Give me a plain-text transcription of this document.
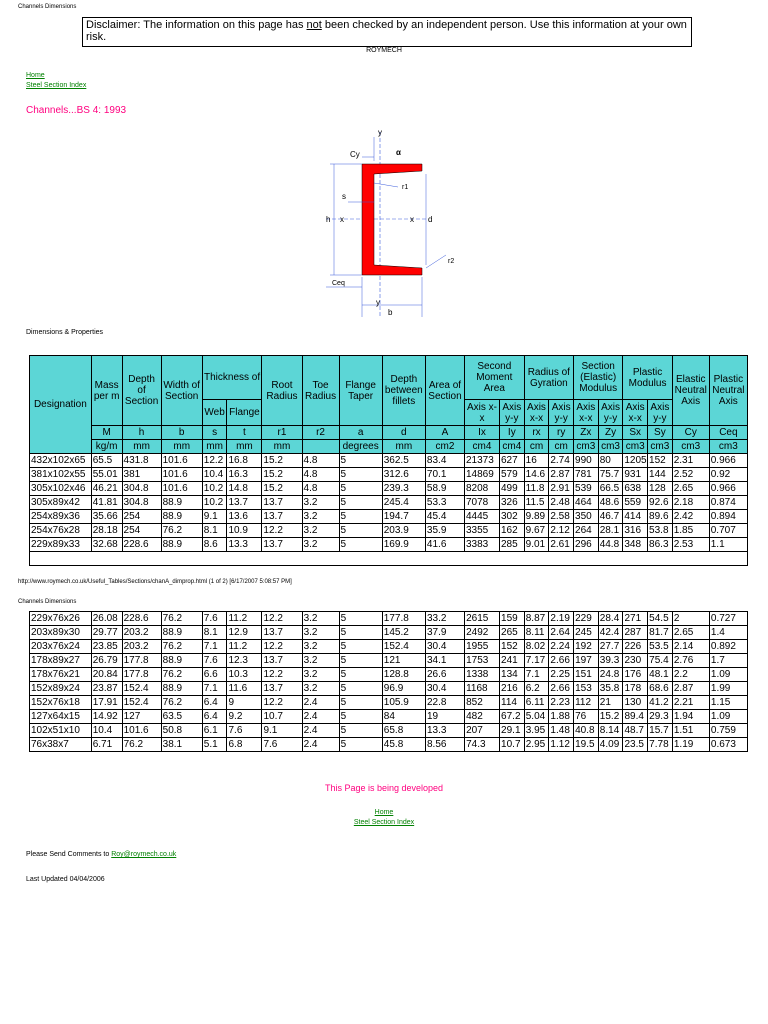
Channels Dimensions
Disclaimer: The information on this page has not been checked by an independent person. Use this information at your own risk.
ROYMECH
Home
Steel Section Index
Channels...BS 4: 1993
y
Cy	α
r1
s
x	x
h	d
r2
Ceq
y
b
Dimensions & Properties
Designation	Mass per m	Depth of Section	Width of Section	Thickness of		Root Radius	Toe Radius	Flange Taper	Depth between fillets	Area of Section	Second Moment Area		Radius of Gyration		Section (Elastic) Modulus		Plastic Modulus		Elastic Neutral Axis	Plastic Neutral Axis
				Web	Flange						Axis x-x	Axis y-y	Axis x-x	Axis y-y	Axis x-x	Axis y-y	Axis x-x	Axis y-y		
	M	h	b	s	t	r1	r2	a	d	A	Ix	Iy	rx	ry	Zx	Zy	Sx	Sy	Cy	Ceq
	kg/m	mm	mm	mm	mm	mm		degrees	mm	cm2	cm4	cm4	cm	cm	cm3	cm3	cm3	cm3	cm3	cm3
432x102x65	65.5	431.8	101.6	12.2	16.8	15.2	4.8	5	362.5	83.4	21373	627	16	2.74	990	80	1205	152	2.31	0.966
381x102x55	55.01	381	101.6	10.4	16.3	15.2	4.8	5	312.6	70.1	14869	579	14.6	2.87	781	75.7	931	144	2.52	0.92
305x102x46	46.21	304.8	101.6	10.2	14.8	15.2	4.8	5	239.3	58.9	8208	499	11.8	2.91	539	66.5	638	128	2.65	0.966
305x89x42	41.81	304.8	88.9	10.2	13.7	13.7	3.2	5	245.4	53.3	7078	326	11.5	2.48	464	48.6	559	92.6	2.18	0.874
254x89x36	35.66	254	88.9	9.1	13.6	13.7	3.2	5	194.7	45.4	4445	302	9.89	2.58	350	46.7	414	89.6	2.42	0.894
254x76x28	28.18	254	76.2	8.1	10.9	12.2	3.2	5	203.9	35.9	3355	162	9.67	2.12	264	28.1	316	53.8	1.85	0.707
229x89x33	32.68	228.6	88.9	8.6	13.3	13.7	3.2	5	169.9	41.6	3383	285	9.01	2.61	296	44.8	348	86.3	2.53	1.1

http://www.roymech.co.uk/Useful_Tables/Sections/chanA_dimprop.html (1 of 2) [6/17/2007 5:08:57 PM]
Channels Dimensions
229x76x26	26.08	228.6	76.2	7.6	11.2	12.2	3.2	5	177.8	33.2	2615	159	8.87	2.19	229	28.4	271	54.5	2	0.727
203x89x30	29.77	203.2	88.9	8.1	12.9	13.7	3.2	5	145.2	37.9	2492	265	8.11	2.64	245	42.4	287	81.7	2.65	1.4
203x76x24	23.85	203.2	76.2	7.1	11.2	12.2	3.2	5	152.4	30.4	1955	152	8.02	2.24	192	27.7	226	53.5	2.14	0.892
178x89x27	26.79	177.8	88.9	7.6	12.3	13.7	3.2	5	121	34.1	1753	241	7.17	2.66	197	39.3	230	75.4	2.76	1.7
178x76x21	20.84	177.8	76.2	6.6	10.3	12.2	3.2	5	128.8	26.6	1338	134	7.1	2.25	151	24.8	176	48.1	2.2	1.09
152x89x24	23.87	152.4	88.9	7.1	11.6	13.7	3.2	5	96.9	30.4	1168	216	6.2	2.66	153	35.8	178	68.6	2.87	1.99
152x76x18	17.91	152.4	76.2	6.4	9	12.2	2.4	5	105.9	22.8	852	114	6.11	2.23	112	21	130	41.2	2.21	1.15
127x64x15	14.92	127	63.5	6.4	9.2	10.7	2.4	5	84	19	482	67.2	5.04	1.88	76	15.2	89.4	29.3	1.94	1.09
102x51x10	10.4	101.6	50.8	6.1	7.6	9.1	2.4	5	65.8	13.3	207	29.1	3.95	1.48	40.8	8.14	48.7	15.7	1.51	0.759
76x38x7	6.71	76.2	38.1	5.1	6.8	7.6	2.4	5	45.8	8.56	74.3	10.7	2.95	1.12	19.5	4.09	23.5	7.78	1.19	0.673
This Page is being developed
Home
Steel Section Index
Please Send Comments to Roy@roymech.co.uk
Last Updated 04/04/2006
